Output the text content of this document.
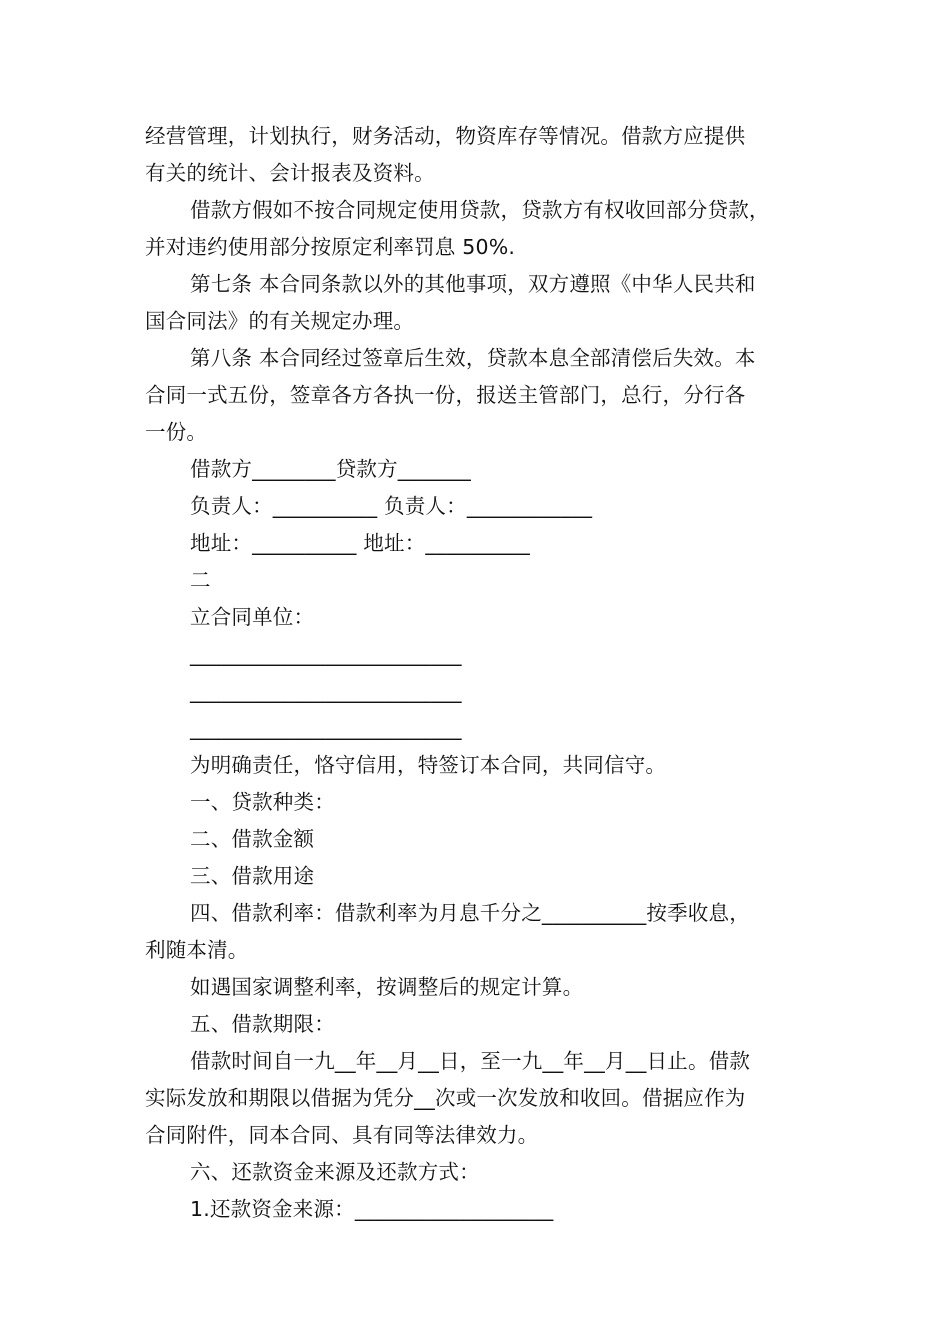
经营管理，计划执行，财务活动，物资库存等情况。借款方应提供
有关的统计、会计报表及资料。
借款方假如不按合同规定使用贷款，贷款方有权收回部分贷款，
并对违约使用部分按原定利率罚息 50%.
第七条 本合同条款以外的其他事项，双方遵照《中华人民共和
国合同法》的有关规定办理。
第八条 本合同经过签章后生效，贷款本息全部清偿后失效。本
合同一式五份，签章各方各执一份，报送主管部门，总行，分行各
一份。
借款方________贷款方_______
负责人：__________ 负责人：____________
地址：__________ 地址：__________
二
立合同单位：
__________________________
__________________________
__________________________
为明确责任，恪守信用，特签订本合同，共同信守。
一、贷款种类：
二、借款金额
三、借款用途
四、借款利率：借款利率为月息千分之__________按季收息，
利随本清。
如遇国家调整利率，按调整后的规定计算。
五、借款期限：
借款时间自一九__年__月__日，至一九__年__月__日止。借款
实际发放和期限以借据为凭分__次或一次发放和收回。借据应作为
合同附件，同本合同、具有同等法律效力。
六、还款资金来源及还款方式：
1.还款资金来源：___________________
